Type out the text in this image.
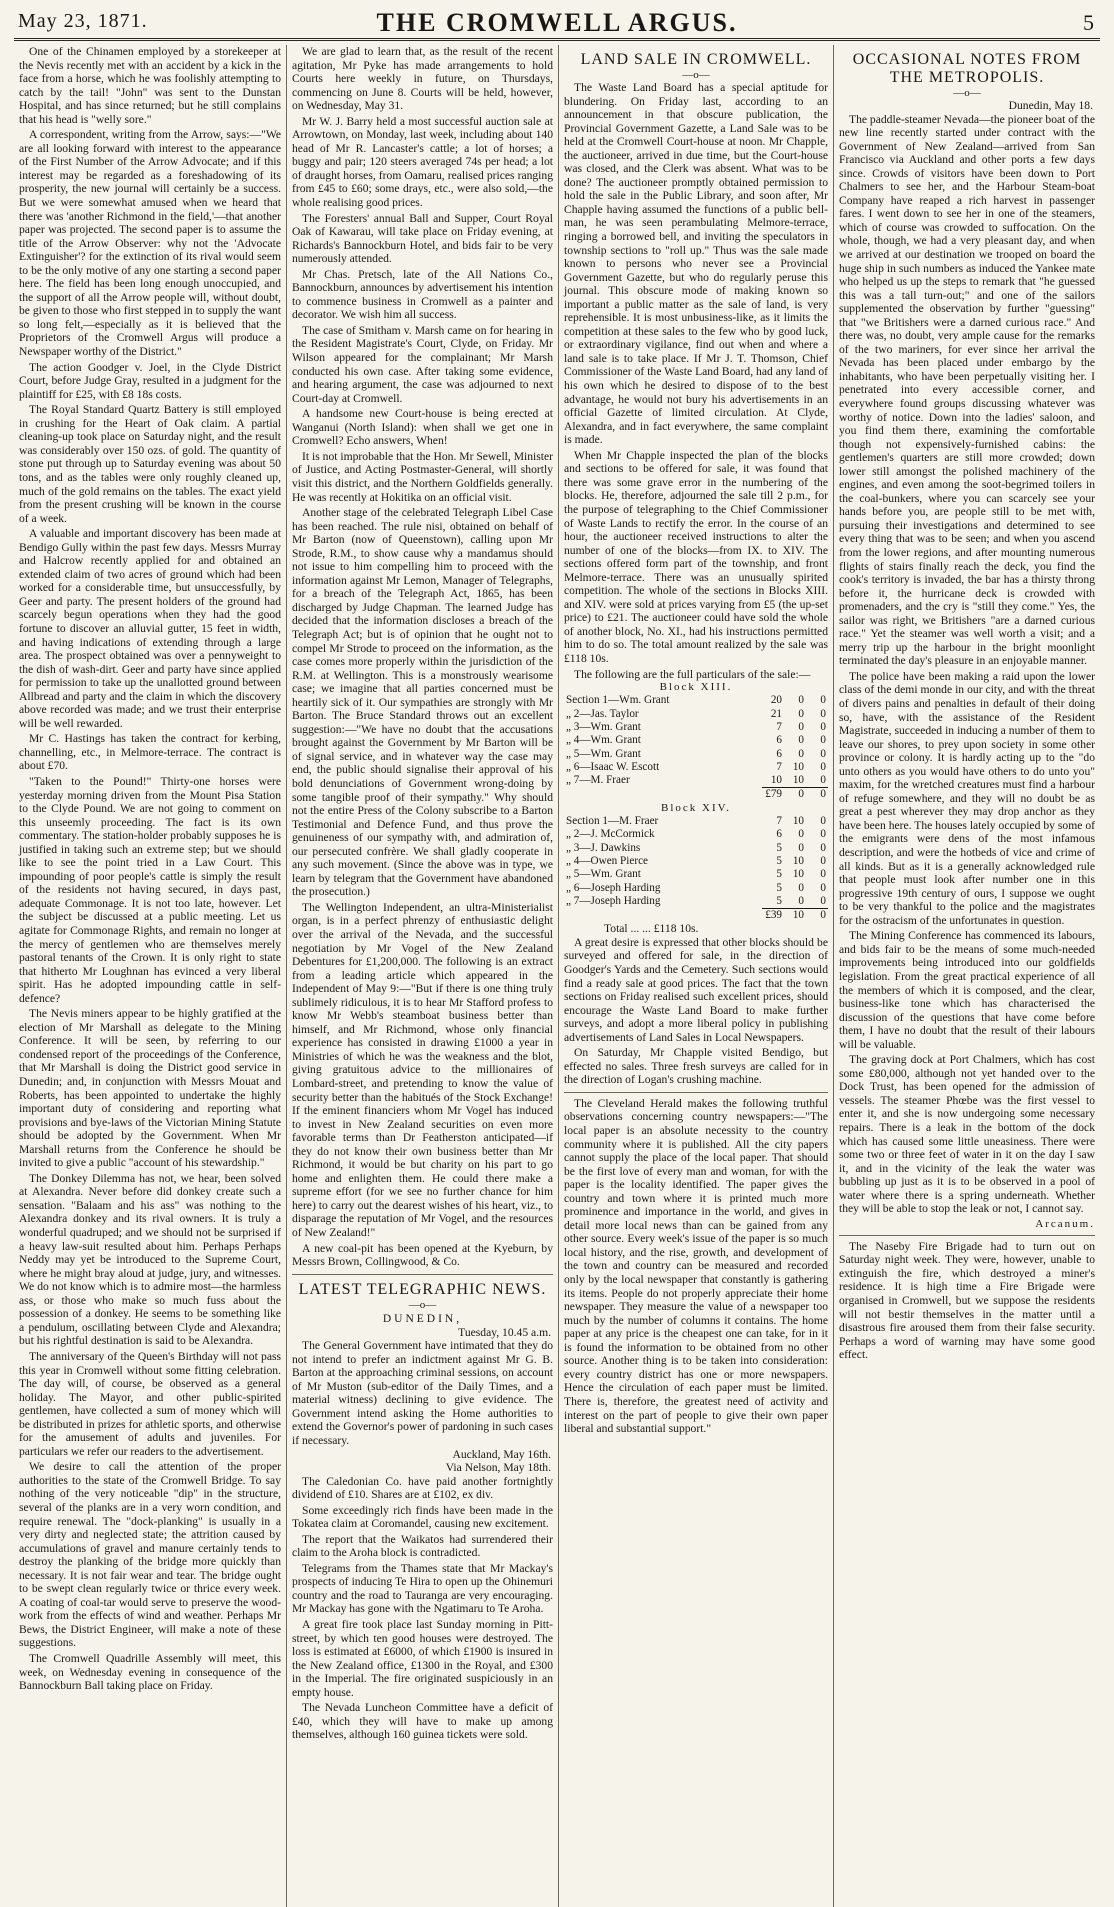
May 23, 1871.	THE CROMWELL ARGUS.	5

One of the Chinamen employed by a storekeeper at the Nevis recently met with an accident by a kick in the face from a horse, which he was foolishly attempting to catch by the tail! "John" was sent to the Dunstan Hospital, and has since returned; but he still complains that his head is "welly sore."

A correspondent, writing from the Arrow, says:—"We are all looking forward with interest to the appearance of the First Number of the Arrow Advocate; and if this interest may be regarded as a foreshadowing of its prosperity, the new journal will certainly be a success. But we were somewhat amused when we heard that there was 'another Richmond in the field,'—that another paper was projected. The second paper is to assume the title of the Arrow Observer: why not the 'Advocate Extinguisher'? for the extinction of its rival would seem to be the only motive of any one starting a second paper here. The field has been long enough unoccupied, and the support of all the Arrow people will, without doubt, be given to those who first stepped in to supply the want so long felt,—especially as it is believed that the Proprietors of the Cromwell Argus will produce a Newspaper worthy of the District."

The action Goodger v. Joel, in the Clyde District Court, before Judge Gray, resulted in a judgment for the plaintiff for £25, with £8 18s costs.

The Royal Standard Quartz Battery is still employed in crushing for the Heart of Oak claim. A partial cleaning-up took place on Saturday night, and the result was considerably over 150 ozs. of gold. The quantity of stone put through up to Saturday evening was about 50 tons, and as the tables were only roughly cleaned up, much of the gold remains on the tables. The exact yield from the present crushing will be known in the course of a week.

A valuable and important discovery has been made at Bendigo Gully within the past few days. Messrs Murray and Halcrow recently applied for and obtained an extended claim of two acres of ground which had been worked for a considerable time, but unsuccessfully, by Geer and party. The present holders of the ground had scarcely begun operations when they had the good fortune to discover an alluvial gutter, 15 feet in width, and having indications of extending through a large area. The prospect obtained was over a pennyweight to the dish of wash-dirt. Geer and party have since applied for permission to take up the unallotted ground between Allbread and party and the claim in which the discovery above recorded was made; and we trust their enterprise will be well rewarded.

Mr C. Hastings has taken the contract for kerbing, channelling, etc., in Melmore-terrace. The contract is about £70.

"Taken to the Pound!" Thirty-one horses were yesterday morning driven from the Mount Pisa Station to the Clyde Pound. We are not going to comment on this unseemly proceeding. The fact is its own commentary. The station-holder probably supposes he is justified in taking such an extreme step; but we should like to see the point tried in a Law Court. This impounding of poor people's cattle is simply the result of the residents not having secured, in days past, adequate Commonage. It is not too late, however. Let the subject be discussed at a public meeting. Let us agitate for Commonage Rights, and remain no longer at the mercy of gentlemen who are themselves merely pastoral tenants of the Crown. It is only right to state that hitherto Mr Loughnan has evinced a very liberal spirit. Has he adopted impounding cattle in self-defence?

The Nevis miners appear to be highly gratified at the election of Mr Marshall as delegate to the Mining Conference. It will be seen, by referring to our condensed report of the proceedings of the Conference, that Mr Marshall is doing the District good service in Dunedin; and, in conjunction with Messrs Mouat and Roberts, has been appointed to undertake the highly important duty of considering and reporting what provisions and bye-laws of the Victorian Mining Statute should be adopted by the Government. When Mr Marshall returns from the Conference he should be invited to give a public "account of his stewardship."

The Donkey Dilemma has not, we hear, been solved at Alexandra. Never before did donkey create such a sensation. "Balaam and his ass" was nothing to the Alexandra donkey and its rival owners. It is truly a wonderful quadruped; and we should not be surprised if a heavy law-suit resulted about him. Perhaps Perhaps Neddy may yet be introduced to the Supreme Court, where he might bray aloud at judge, jury, and witnesses. We do not know which is to admire most—the harmless ass, or those who make so much fuss about the possession of a donkey. He seems to be something like a pendulum, oscillating between Clyde and Alexandra; but his rightful destination is said to be Alexandra.

The anniversary of the Queen's Birthday will not pass this year in Cromwell without some fitting celebration. The day will, of course, be observed as a general holiday. The Mayor, and other public-spirited gentlemen, have collected a sum of money which will be distributed in prizes for athletic sports, and otherwise for the amusement of adults and juveniles. For particulars we refer our readers to the advertisement.

We desire to call the attention of the proper authorities to the state of the Cromwell Bridge. To say nothing of the very noticeable "dip" in the structure, several of the planks are in a very worn condition, and require renewal. The "dock-planking" is usually in a very dirty and neglected state; the attrition caused by accumulations of gravel and manure certainly tends to destroy the planking of the bridge more quickly than necessary. It is not fair wear and tear. The bridge ought to be swept clean regularly twice or thrice every week. A coating of coal-tar would serve to preserve the wood-work from the effects of wind and weather. Perhaps Mr Bews, the District Engineer, will make a note of these suggestions.

The Cromwell Quadrille Assembly will meet, this week, on Wednesday evening in consequence of the Bannockburn Ball taking place on Friday.

We are glad to learn that, as the result of the recent agitation, Mr Pyke has made arrangements to hold Courts here weekly in future, on Thursdays, commencing on June 8. Courts will be held, however, on Wednesday, May 31.

Mr W. J. Barry held a most successful auction sale at Arrowtown, on Monday, last week, including about 140 head of Mr R. Lancaster's cattle; a lot of horses; a buggy and pair; 120 steers averaged 74s per head; a lot of draught horses, from Oamaru, realised prices ranging from £45 to £60; some drays, etc., were also sold,—the whole realising good prices.

The Foresters' annual Ball and Supper, Court Royal Oak of Kawarau, will take place on Friday evening, at Richards's Bannockburn Hotel, and bids fair to be very numerously attended.

Mr Chas. Pretsch, late of the All Nations Co., Bannockburn, announces by advertisement his intention to commence business in Cromwell as a painter and decorator. We wish him all success.

The case of Smitham v. Marsh came on for hearing in the Resident Magistrate's Court, Clyde, on Friday. Mr Wilson appeared for the complainant; Mr Marsh conducted his own case. After taking some evidence, and hearing argument, the case was adjourned to next Court-day at Cromwell.

A handsome new Court-house is being erected at Wanganui (North Island): when shall we get one in Cromwell? Echo answers, When!

It is not improbable that the Hon. Mr Sewell, Minister of Justice, and Acting Postmaster-General, will shortly visit this district, and the Northern Goldfields generally. He was recently at Hokitika on an official visit.

Another stage of the celebrated Telegraph Libel Case has been reached. The rule nisi, obtained on behalf of Mr Barton (now of Queenstown), calling upon Mr Strode, R.M., to show cause why a mandamus should not issue to him compelling him to proceed with the information against Mr Lemon, Manager of Telegraphs, for a breach of the Telegraph Act, 1865, has been discharged by Judge Chapman. The learned Judge has decided that the information discloses a breach of the Telegraph Act; but is of opinion that he ought not to compel Mr Strode to proceed on the information, as the case comes more properly within the jurisdiction of the R.M. at Wellington. This is a monstrously wearisome case; we imagine that all parties concerned must be heartily sick of it. Our sympathies are strongly with Mr Barton. The Bruce Standard throws out an excellent suggestion:—"We have no doubt that the accusations brought against the Government by Mr Barton will be of signal service, and in whatever way the case may end, the public should signalise their approval of his bold denunciations of Government wrong-doing by some tangible proof of their sympathy." Why should not the entire Press of the Colony subscribe to a Barton Testimonial and Defence Fund, and thus prove the genuineness of our sympathy with, and admiration of, our persecuted confrère. We shall gladly cooperate in any such movement. (Since the above was in type, we learn by telegram that the Government have abandoned the prosecution.)

The Wellington Independent, an ultra-Ministerialist organ, is in a perfect phrenzy of enthusiastic delight over the arrival of the Nevada, and the successful negotiation by Mr Vogel of the New Zealand Debentures for £1,200,000. The following is an extract from a leading article which appeared in the Independent of May 9:—"But if there is one thing truly sublimely ridiculous, it is to hear Mr Stafford profess to know Mr Webb's steamboat business better than himself, and Mr Richmond, whose only financial experience has consisted in drawing £1000 a year in Ministries of which he was the weakness and the blot, giving gratuitous advice to the millionaires of Lombard-street, and pretending to know the value of security better than the habitués of the Stock Exchange! If the eminent financiers whom Mr Vogel has induced to invest in New Zealand securities on even more favorable terms than Dr Featherston anticipated—if they do not know their own business better than Mr Richmond, it would be but charity on his part to go home and enlighten them. He could there make a supreme effort (for we see no further chance for him here) to carry out the dearest wishes of his heart, viz., to disparage the reputation of Mr Vogel, and the resources of New Zealand!"

A new coal-pit has been opened at the Kyeburn, by Messrs Brown, Collingwood, & Co.

LATEST TELEGRAPHIC NEWS.
—o—
DUNEDIN,
Tuesday, 10.45 a.m.

The General Government have intimated that they do not intend to prefer an indictment against Mr G. B. Barton at the approaching criminal sessions, on account of Mr Muston (sub-editor of the Daily Times, and a material witness) declining to give evidence. The Government intend asking the Home authorities to extend the Governor's power of pardoning in such cases if necessary.

Auckland, May 16th.
Via Nelson, May 18th.

The Caledonian Co. have paid another fortnightly dividend of £10. Shares are at £102, ex div.

Some exceedingly rich finds have been made in the Tokatea claim at Coromandel, causing new excitement.

The report that the Waikatos had surrendered their claim to the Aroha block is contradicted.

Telegrams from the Thames state that Mr Mackay's prospects of inducing Te Hira to open up the Ohinemuri country and the road to Tauranga are very encouraging. Mr Mackay has gone with the Ngatimaru to Te Aroha.

A great fire took place last Sunday morning in Pitt-street, by which ten good houses were destroyed. The loss is estimated at £6000, of which £1900 is insured in the New Zealand office, £1300 in the Royal, and £300 in the Imperial. The fire originated suspiciously in an empty house.

The Nevada Luncheon Committee have a deficit of £40, which they will have to make up among themselves, although 160 guinea tickets were sold.

LAND SALE IN CROMWELL.
—o—

The Waste Land Board has a special aptitude for blundering. On Friday last, according to an announcement in that obscure publication, the Provincial Government Gazette, a Land Sale was to be held at the Cromwell Court-house at noon. Mr Chapple, the auctioneer, arrived in due time, but the Court-house was closed, and the Clerk was absent. What was to be done? The auctioneer promptly obtained permission to hold the sale in the Public Library, and soon after, Mr Chapple having assumed the functions of a public bell-man, he was seen perambulating Melmore-terrace, ringing a borrowed bell, and inviting the speculators in township sections to "roll up." Thus was the sale made known to persons who never see a Provincial Government Gazette, but who do regularly peruse this journal. This obscure mode of making known so important a public matter as the sale of land, is very reprehensible. It is most unbusiness-like, as it limits the competition at these sales to the few who by good luck, or extraordinary vigilance, find out when and where a land sale is to take place. If Mr J. T. Thomson, Chief Commissioner of the Waste Land Board, had any land of his own which he desired to dispose of to the best advantage, he would not bury his advertisements in an official Gazette of limited circulation. At Clyde, Alexandra, and in fact everywhere, the same complaint is made.

When Mr Chapple inspected the plan of the blocks and sections to be offered for sale, it was found that there was some grave error in the numbering of the blocks. He, therefore, adjourned the sale till 2 p.m., for the purpose of telegraphing to the Chief Commissioner of Waste Lands to rectify the error. In the course of an hour, the auctioneer received instructions to alter the number of one of the blocks—from IX. to XIV. The sections offered form part of the township, and front Melmore-terrace. There was an unusually spirited competition. The whole of the sections in Blocks XIII. and XIV. were sold at prices varying from £5 (the up-set price) to £21. The auctioneer could have sold the whole of another block, No. XI., had his instructions permitted him to do so. The total amount realized by the sale was £118 10s.

The following are the full particulars of the sale:—

Block XIII.			
Section 1—Wm. Grant	20	0	0
„ 2—Jas. Taylor	21	0	0
„ 3—Wm. Grant	7	0	0
„ 4—Wm. Grant	6	0	0
„ 5—Wm. Grant	6	0	0
„ 6—Isaac W. Escott	7	10	0
„ 7—M. Fraer	10	10	0
	£79	0	0
Block XIV.			
Section 1—M. Fraer	7	10	0
„ 2—J. McCormick	6	0	0
„ 3—J. Dawkins	5	0	0
„ 4—Owen Pierce	5	10	0
„ 5—Wm. Grant	5	10	0
„ 6—Joseph Harding	5	0	0
„ 7—Joseph Harding	5	0	0
	£39	10	0
Total ... ... £118 10s.

A great desire is expressed that other blocks should be surveyed and offered for sale, in the direction of Goodger's Yards and the Cemetery. Such sections would find a ready sale at good prices. The fact that the town sections on Friday realised such excellent prices, should encourage the Waste Land Board to make further surveys, and adopt a more liberal policy in publishing advertisements of Land Sales in Local Newspapers.

On Saturday, Mr Chapple visited Bendigo, but effected no sales. Three fresh surveys are called for in the direction of Logan's crushing machine.

The Cleveland Herald makes the following truthful observations concerning country newspapers:—"The local paper is an absolute necessity to the country community where it is published. All the city papers cannot supply the place of the local paper. That should be the first love of every man and woman, for with the paper is the locality identified. The paper gives the country and town where it is printed much more prominence and importance in the world, and gives in detail more local news than can be gained from any other source. Every week's issue of the paper is so much local history, and the rise, growth, and development of the town and country can be measured and recorded only by the local newspaper that constantly is gathering its items. People do not properly appreciate their home newspaper. They measure the value of a newspaper too much by the number of columns it contains. The home paper at any price is the cheapest one can take, for in it is found the information to be obtained from no other source. Another thing is to be taken into consideration: every country district has one or more newspapers. Hence the circulation of each paper must be limited. There is, therefore, the greatest need of activity and interest on the part of people to give their own paper liberal and substantial support."

OCCASIONAL NOTES FROM THE METROPOLIS.
—o—
Dunedin, May 18.

The paddle-steamer Nevada—the pioneer boat of the new line recently started under contract with the Government of New Zealand—arrived from San Francisco via Auckland and other ports a few days since. Crowds of visitors have been down to Port Chalmers to see her, and the Harbour Steam-boat Company have reaped a rich harvest in passenger fares. I went down to see her in one of the steamers, which of course was crowded to suffocation. On the whole, though, we had a very pleasant day, and when we arrived at our destination we trooped on board the huge ship in such numbers as induced the Yankee mate who helped us up the steps to remark that "he guessed this was a tall turn-out;" and one of the sailors supplemented the observation by further "guessing" that "we Britishers were a darned curious race." And there was, no doubt, very ample cause for the remarks of the two mariners, for ever since her arrival the Nevada has been placed under embargo by the inhabitants, who have been perpetually visiting her. I penetrated into every accessible corner, and everywhere found groups discussing whatever was worthy of notice. Down into the ladies' saloon, and you find them there, examining the comfortable though not expensively-furnished cabins: the gentlemen's quarters are still more crowded; down lower still amongst the polished machinery of the engines, and even among the soot-begrimed toilers in the coal-bunkers, where you can scarcely see your hands before you, are people still to be met with, pursuing their investigations and determined to see every thing that was to be seen; and when you ascend from the lower regions, and after mounting numerous flights of stairs finally reach the deck, you find the cook's territory is invaded, the bar has a thirsty throng before it, the hurricane deck is crowded with promenaders, and the cry is "still they come." Yes, the sailor was right, we Britishers "are a darned curious race." Yet the steamer was well worth a visit; and a merry trip up the harbour in the bright moonlight terminated the day's pleasure in an enjoyable manner.

The police have been making a raid upon the lower class of the demi monde in our city, and with the threat of divers pains and penalties in default of their doing so, have, with the assistance of the Resident Magistrate, succeeded in inducing a number of them to leave our shores, to prey upon society in some other province or colony. It is hardly acting up to the "do unto others as you would have others to do unto you" maxim, for the wretched creatures must find a harbour of refuge somewhere, and they will no doubt be as great a pest wherever they may drop anchor as they have been here. The houses lately occupied by some of the emigrants were dens of the most infamous description, and were the hotbeds of vice and crime of all kinds. But as it is a generally acknowledged rule that people must look after number one in this progressive 19th century of ours, I suppose we ought to be very thankful to the police and the magistrates for the ostracism of the unfortunates in question.

The Mining Conference has commenced its labours, and bids fair to be the means of some much-needed improvements being introduced into our goldfields legislation. From the great practical experience of all the members of which it is composed, and the clear, business-like tone which has characterised the discussion of the questions that have come before them, I have no doubt that the result of their labours will be valuable.

The graving dock at Port Chalmers, which has cost some £80,000, although not yet handed over to the Dock Trust, has been opened for the admission of vessels. The steamer Phœbe was the first vessel to enter it, and she is now undergoing some necessary repairs. There is a leak in the bottom of the dock which has caused some little uneasiness. There were some two or three feet of water in it on the day I saw it, and in the vicinity of the leak the water was bubbling up just as it is to be observed in a pool of water where there is a spring underneath. Whether they will be able to stop the leak or not, I cannot say.

Arcanum.

The Naseby Fire Brigade had to turn out on Saturday night week. They were, however, unable to extinguish the fire, which destroyed a miner's residence. It is high time a Fire Brigade were organised in Cromwell, but we suppose the residents will not bestir themselves in the matter until a disastrous fire aroused them from their false security. Perhaps a word of warning may have some good effect.
